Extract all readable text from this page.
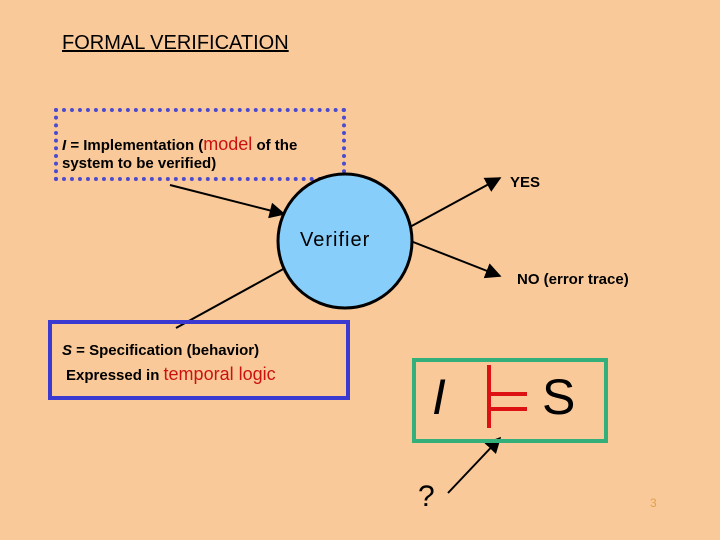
FORMAL VERIFICATION
I = Implementation (model of the
system to be verified)
Verifier
YES
NO (error trace)
S = Specification (behavior)
Expressed in temporal logic	I S
?	3
